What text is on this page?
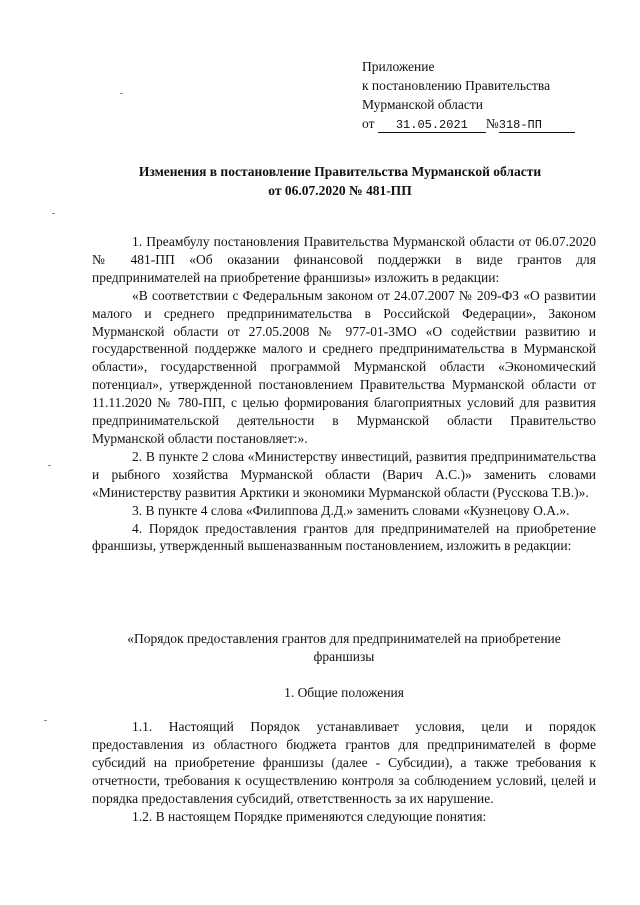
Приложение
к постановлению Правительства
Мурманской области
от 31.05.2021 №318-ПП
Изменения в постановление Правительства Мурманской области
от 06.07.2020 № 481-ПП

1. Преамбулу постановления Правительства Мурманской области от 06.07.2020 № 481-ПП «Об оказании финансовой поддержки в виде грантов для предпринимателей на приобретение франшизы» изложить в редакции:

«В соответствии с Федеральным законом от 24.07.2007 № 209-ФЗ «О развитии малого и среднего предпринимательства в Российской Федерации», Законом Мурманской области от 27.05.2008 № 977-01-ЗМО «О содействии развитию и государственной поддержке малого и среднего предпринимательства в Мурманской области», государственной программой Мурманской области «Экономический потенциал», утвержденной постановлением Правительства Мурманской области от 11.11.2020 № 780-ПП, с целью формирования благоприятных условий для развития предпринимательской деятельности в Мурманской области Правительство Мурманской области постановляет:».

2. В пункте 2 слова «Министерству инвестиций, развития предпринимательства и рыбного хозяйства Мурманской области (Варич А.С.)» заменить словами «Министерству развития Арктики и экономики Мурманской области (Русскова Т.В.)».

3. В пункте 4 слова «Филиппова Д.Д.» заменить словами «Кузнецову О.А.».

4. Порядок предоставления грантов для предпринимателей на приобретение франшизы, утвержденный вышеназванным постановлением, изложить в редакции:

«Порядок предоставления грантов для предпринимателей на приобретение
франшизы
1. Общие положения

1.1. Настоящий Порядок устанавливает условия, цели и порядок предоставления из областного бюджета грантов для предпринимателей в форме субсидий на приобретение франшизы (далее - Субсидии), а также требования к отчетности, требования к осуществлению контроля за соблюдением условий, целей и порядка предоставления субсидий, ответственность за их нарушение.

1.2. В настоящем Порядке применяются следующие понятия:
